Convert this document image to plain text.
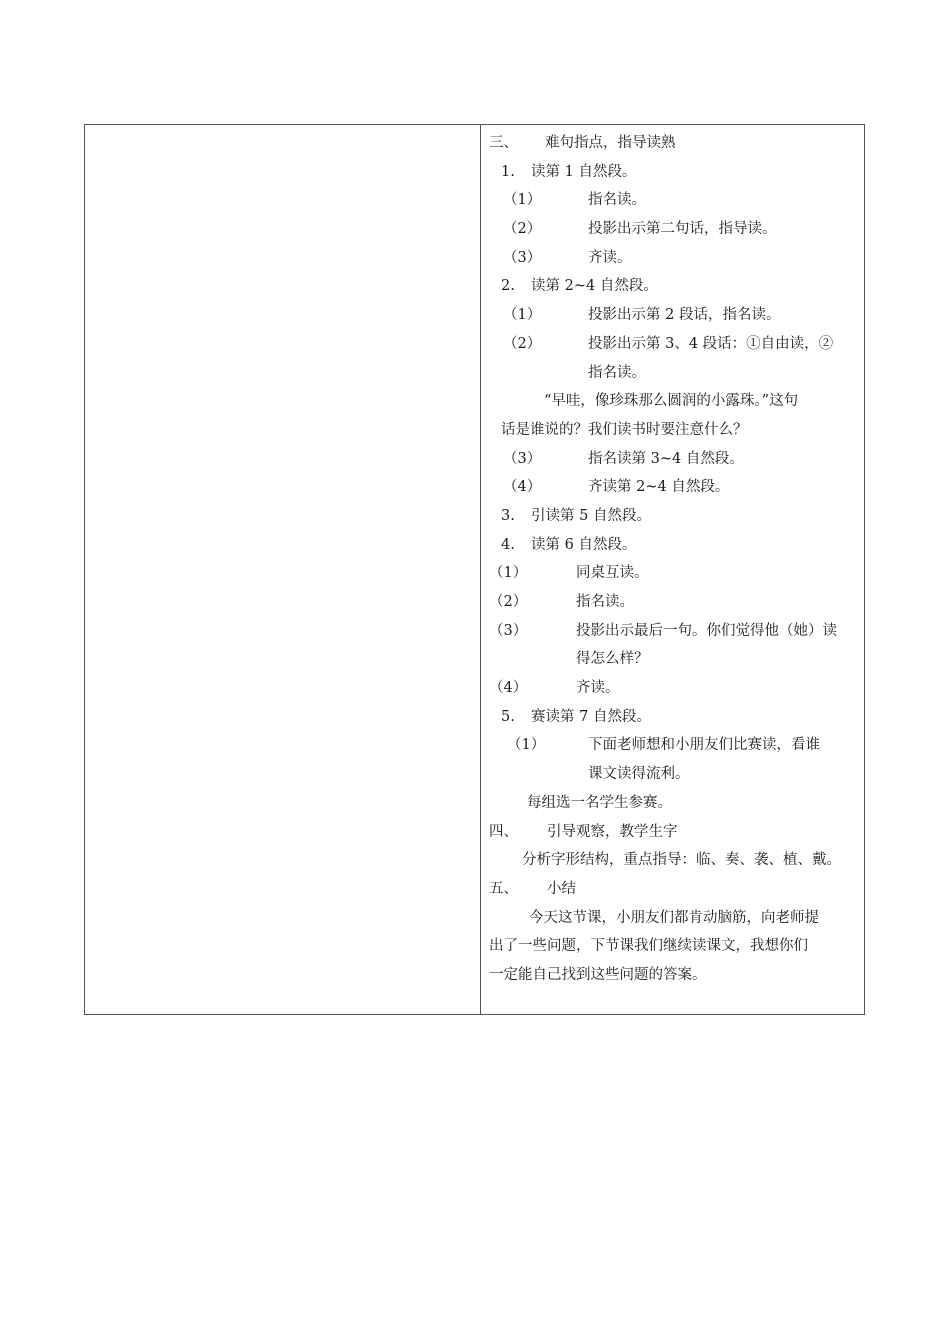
三、 难句指点，指导读熟
1. 读第 1 自然段。
（1）	指名读。
（2）	投影出示第二句话，指导读。
（3）	齐读。
2. 读第 2~4 自然段。
（1）	投影出示第 2 段话，指名读。
（2）	投影出示第 3、4 段话：①自由读，②
指名读。
“早哇，像珍珠那么圆润的小露珠。”这句
话是谁说的？我们读书时要注意什么？
（3）	指名读第 3~4 自然段。
（4）	齐读第 2~4 自然段。
3. 引读第 5 自然段。
4. 读第 6 自然段。
（1）	同桌互读。
（2）	指名读。
（3）	投影出示最后一句。你们觉得他（她）读
得怎么样？
（4）	齐读。
5. 赛读第 7 自然段。
（1）	下面老师想和小朋友们比赛读，看谁
课文读得流利。
每组选一名学生参赛。
四、 引导观察，教学生字
分析字形结构，重点指导：临、奏、袭、植、戴。
五、 小结
今天这节课，小朋友们都肯动脑筋，向老师提
出了一些问题，下节课我们继续读课文，我想你们
一定能自己找到这些问题的答案。
